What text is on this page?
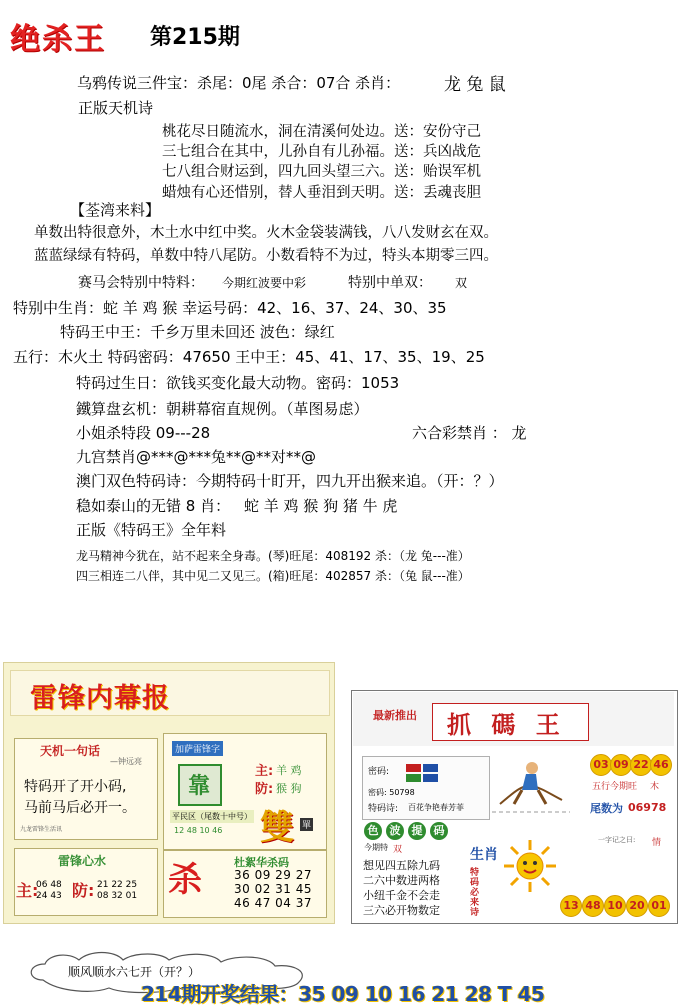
绝杀王 第215期
乌鸦传说三件宝：杀尾：0尾 杀合：07合 杀肖：	龙 兔 鼠
正版天机诗
桃花尽日随流水，洞在清溪何处边。送：安份守己
三七组合在其中，儿孙自有儿孙福。送：兵凶战危
七八组合财运到，四九回头望三六。送：贻误军机
蜡烛有心还惜别，替人垂泪到天明。送：丢魂丧胆
【荃湾来料】
单数出特很意外，木土水中红中奖。火木金袋装满钱，八八发财玄在双。
蓝蓝绿绿有特码，单数中特八尾防。小数看特不为过，特头本期零三四。
赛马会特别中特料： 今期红波要中彩	特别中单双： 双
特别中生肖：蛇 羊 鸡 猴 幸运号码：42、16、37、24、30、35
特码王中王：千乡万里未回还 波色：绿红
五行：木火土 特码密码：47650 王中王：45、41、17、35、19、25
特码过生日：欲钱买变化最大动物。密码：1053
鐵算盘玄机：朝耕幕宿直规例。（革图易虑）
小姐杀特段 09---28	六合彩禁肖 ： 龙
九宫禁肖@***@***兔**@**对**@
澳门双色特码诗：今期特码十盯开，四九开出猴来追。（开：？）
稳如泰山的无错 8 肖： 蛇 羊 鸡 猴 狗 猪 牛 虎
正版《特码王》全年料
龙马精神今犹在，站不起来全身毒。(琴)旺尾：408192 杀：（龙 兔---准）
四三相连二八伴，其中见二又见三。(箱)旺尾：402857 杀：（兔 鼠---准）
雷锋内幕报
天机一句话
—钟远亮
特码开了开小码,
马前马后必开一。
九龙雷锋生活讯
加萨雷锋字
靠
主: 羊 鸡
防: 猴 狗
平民区（尾数十中号）
12 48 10 46 雙 單
雷锋心水
主: 防:
06 48
24 43
21 22 25
08 32 01 杀	杜絮华杀码
36 09 29 27
30 02 31 45
46 47 04 37
最新推出 抓 碼 王
密码:
密码: 50798
特码诗: 百花争艳春芳菲
03 09 22 46
五行今期旺 木
尾数为 06978
一字记之曰: 情
色	波	提	码
今期特 双
想见四五除九码
二六中数进两格
小纽千金不会走
三六必开物数定
生肖
特码必来诗
13 48 10 20 01
顺风顺水六七开（开？）
214期开奖结果：35 09 10 16 21 28 T 45
